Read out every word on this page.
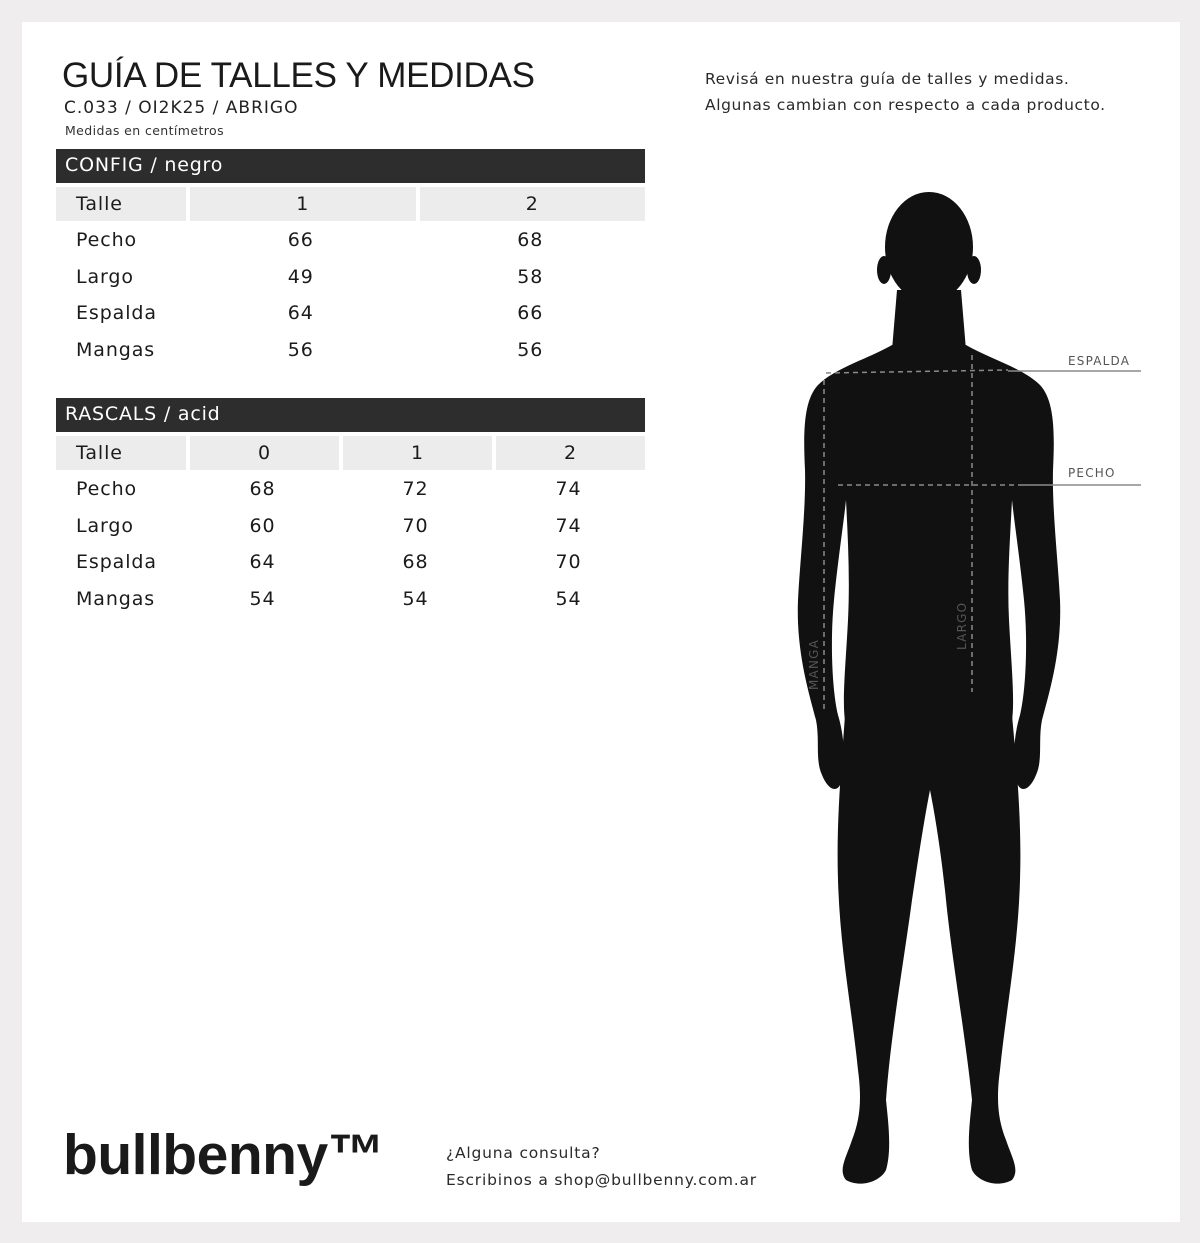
GUÍA DE TALLES Y MEDIDAS
C.033 / OI2K25 / ABRIGO
Medidas en centímetros
Revisá en nuestra guía de talles y medidas.
Algunas cambian con respecto a cada producto.
CONFIG / negro
Talle	1	2
Pecho	66	68
Largo	49	58
Espalda	64	66
Mangas	56	56
RASCALS / acid
Talle	0	1	2
Pecho	68	72	74
Largo	60	70	74
Espalda	64	68	70
Mangas	54	54	54
ESPALDA
PECHO
LARGO
MANGA
bullbenny™	¿Alguna consulta?
Escribinos a shop@bullbenny.com.ar
